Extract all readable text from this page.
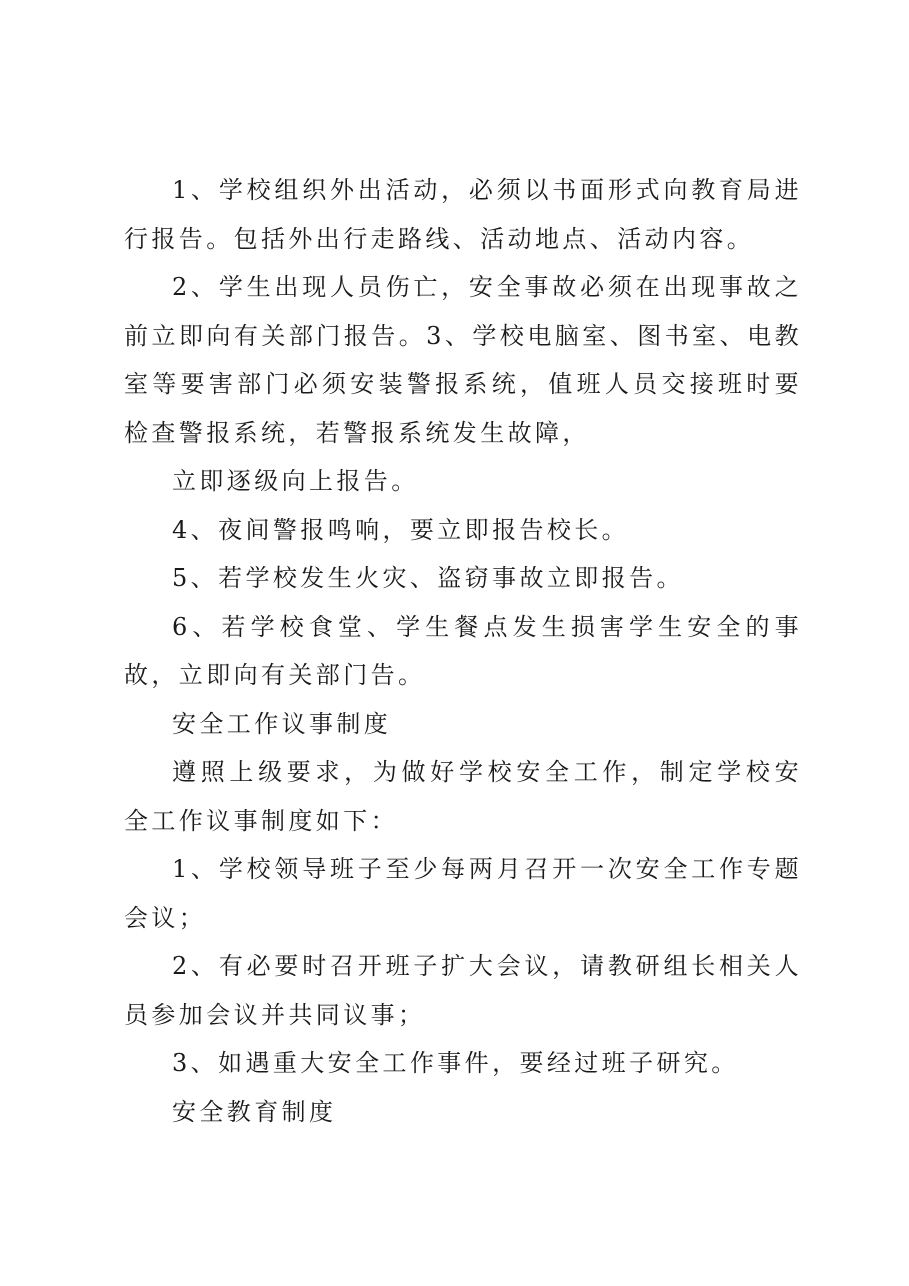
1、学校组织外出活动，必须以书面形式向教育局进行报告。包括外出行走路线、活动地点、活动内容。

2、学生出现人员伤亡，安全事故必须在出现事故之前立即向有关部门报告。3、学校电脑室、图书室、电教室等要害部门必须安装警报系统，值班人员交接班时要检查警报系统，若警报系统发生故障，

立即逐级向上报告。

4、夜间警报鸣响，要立即报告校长。

5、若学校发生火灾、盗窃事故立即报告。

6、若学校食堂、学生餐点发生损害学生安全的事故，立即向有关部门告。

安全工作议事制度

遵照上级要求，为做好学校安全工作，制定学校安全工作议事制度如下：

1、学校领导班子至少每两月召开一次安全工作专题会议；

2、有必要时召开班子扩大会议，请教研组长相关人员参加会议并共同议事；

3、如遇重大安全工作事件，要经过班子研究。

安全教育制度
